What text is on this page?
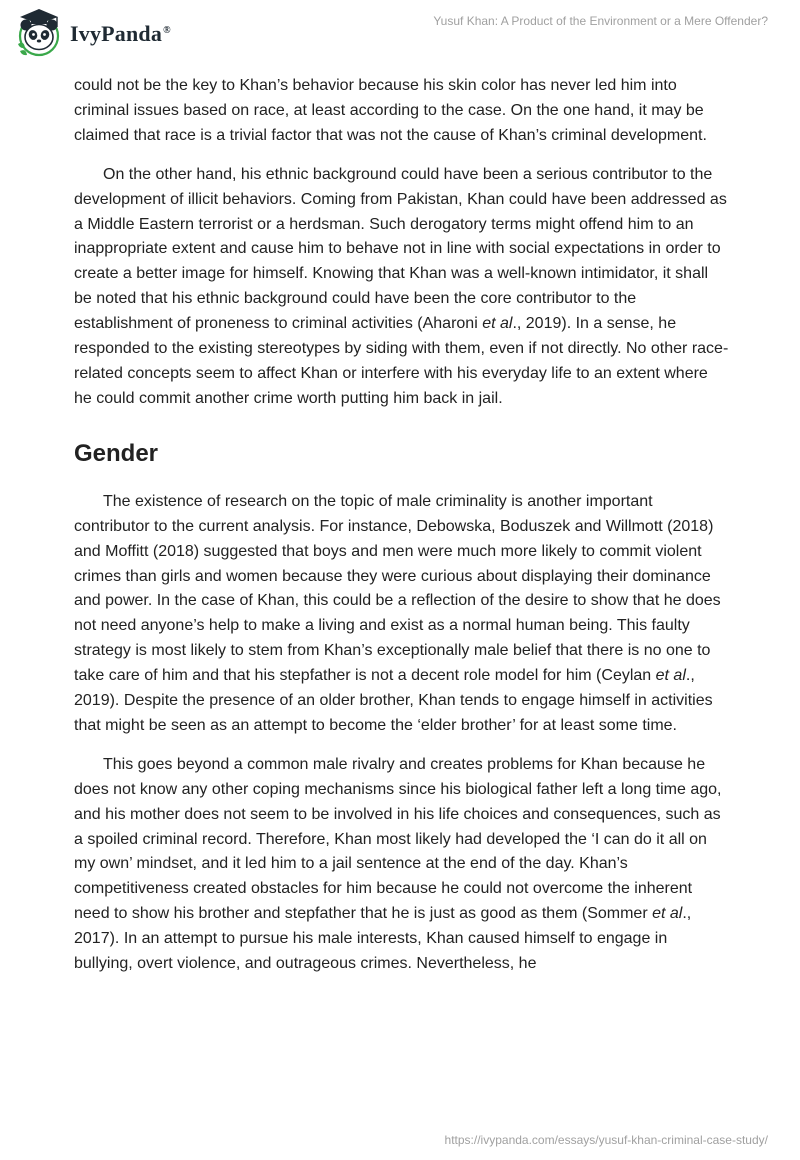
IvyPanda®
Yusuf Khan: A Product of the Environment or a Mere Offender?

could not be the key to Khan’s behavior because his skin color has never led him into criminal issues based on race, at least according to the case. On the one hand, it may be claimed that race is a trivial factor that was not the cause of Khan’s criminal development.

On the other hand, his ethnic background could have been a serious contributor to the development of illicit behaviors. Coming from Pakistan, Khan could have been addressed as a Middle Eastern terrorist or a herdsman. Such derogatory terms might offend him to an inappropriate extent and cause him to behave not in line with social expectations in order to create a better image for himself. Knowing that Khan was a well-known intimidator, it shall be noted that his ethnic background could have been the core contributor to the establishment of proneness to criminal activities (Aharoni et al., 2019). In a sense, he responded to the existing stereotypes by siding with them, even if not directly. No other race-related concepts seem to affect Khan or interfere with his everyday life to an extent where he could commit another crime worth putting him back in jail.

Gender

The existence of research on the topic of male criminality is another important contributor to the current analysis. For instance, Debowska, Boduszek and Willmott (2018) and Moffitt (2018) suggested that boys and men were much more likely to commit violent crimes than girls and women because they were curious about displaying their dominance and power. In the case of Khan, this could be a reflection of the desire to show that he does not need anyone’s help to make a living and exist as a normal human being. This faulty strategy is most likely to stem from Khan’s exceptionally male belief that there is no one to take care of him and that his stepfather is not a decent role model for him (Ceylan et al., 2019). Despite the presence of an older brother, Khan tends to engage himself in activities that might be seen as an attempt to become the ‘elder brother’ for at least some time.

This goes beyond a common male rivalry and creates problems for Khan because he does not know any other coping mechanisms since his biological father left a long time ago, and his mother does not seem to be involved in his life choices and consequences, such as a spoiled criminal record. Therefore, Khan most likely had developed the ‘I can do it all on my own’ mindset, and it led him to a jail sentence at the end of the day. Khan’s competitiveness created obstacles for him because he could not overcome the inherent need to show his brother and stepfather that he is just as good as them (Sommer et al., 2017). In an attempt to pursue his male interests, Khan caused himself to engage in bullying, overt violence, and outrageous crimes. Nevertheless, he

https://ivypanda.com/essays/yusuf-khan-criminal-case-study/
